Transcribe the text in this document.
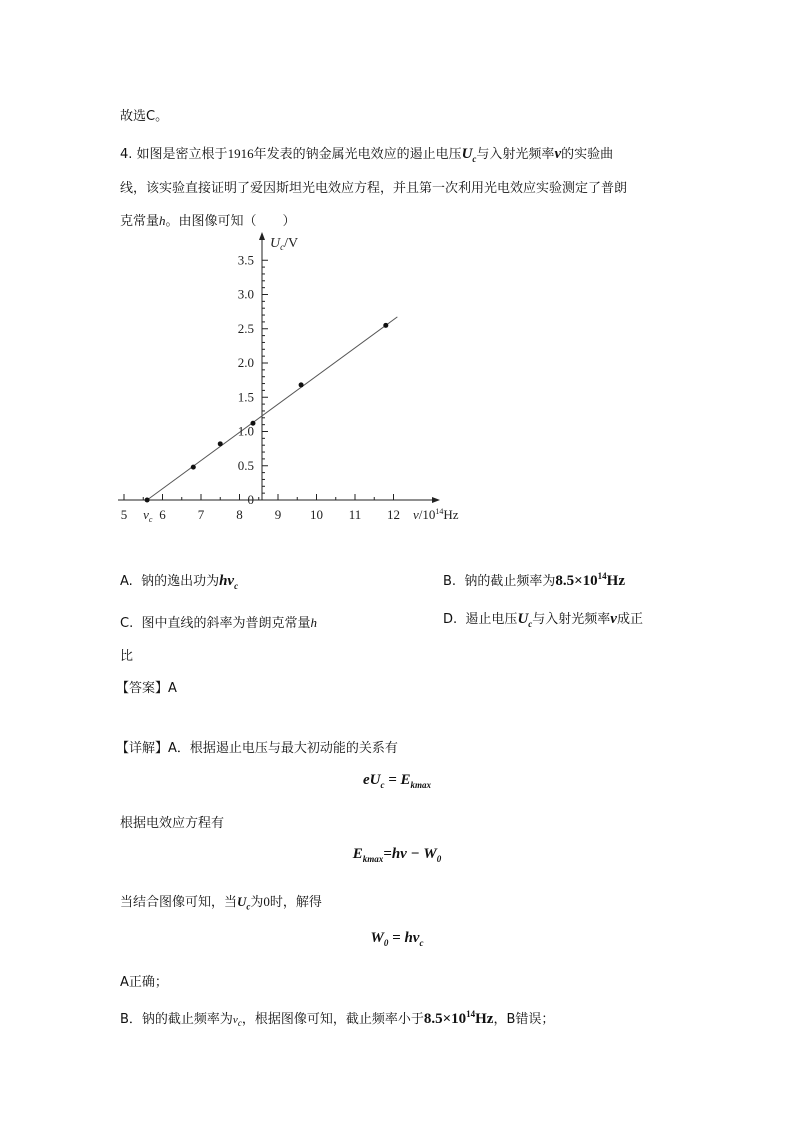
故选C。
4. 如图是密立根于1916年发表的钠金属光电效应的遏止电压$U_c$与入射光频率ν的实验曲
线，该实验直接证明了爱因斯坦光电效应方程，并且第一次利用光电效应实验测定了普朗
克常量h。由图像可知（　　）
5 6 7 8 9 10 11 12
0
0.5
1.0
1.5
2.0
2.5
3.0
3.5
$U_c/V$
$\nu/10^{14}Hz$
$\nu_c$
A. 钠的逸出功为$h\nu_c$	B. 钠的截止频率为$8.5\times 10^{14}Hz$
C. 图中直线的斜率为普朗克常量h	D. 遏止电压$U_c$与入射光频率ν成正
比
【答案】A
【详解】A．根据遏止电压与最大初动能的关系有
$eU_c = E_{kmax}$
根据电效应方程有
$E_{kmax}=h\nu - W_0$
当结合图像可知，当$U_c$为0时，解得
$W_0 = h\nu_c$
A正确；
B．钠的截止频率为$\nu_c$，根据图像可知，截止频率小于$8.5\times 10^{14}Hz$，B错误；
